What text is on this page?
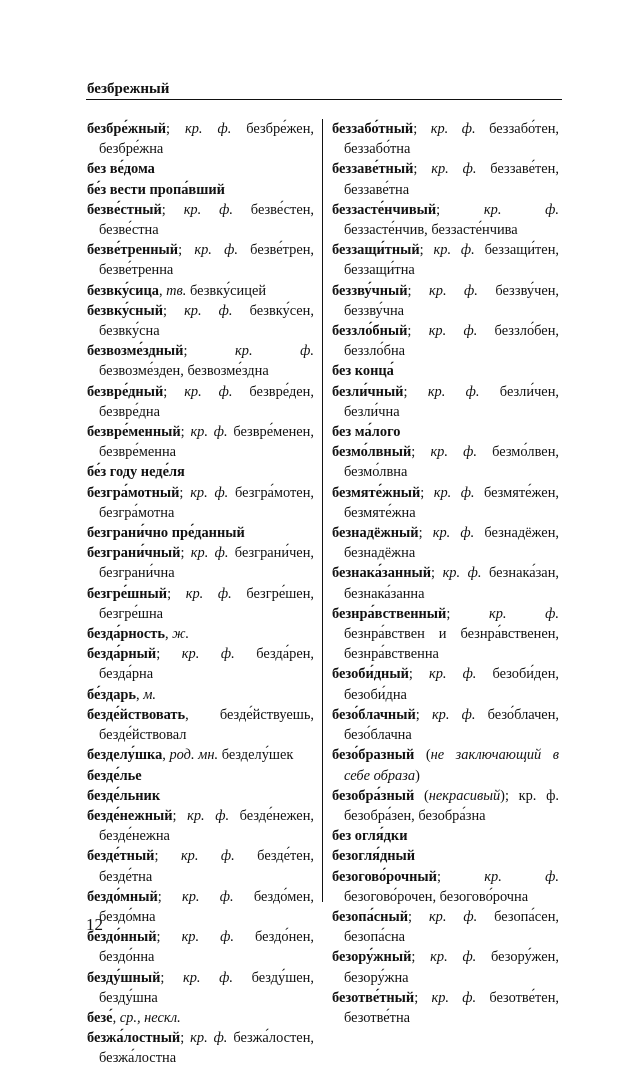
безбрежный

безбре́жный; кр. ф. безбре́жен, безбре́жна

без ве́дома

бе́з вести пропа́вший

безве́стный; кр. ф. безве́стен, безве́стна

безве́тренный; кр. ф. безве́трен, безве́тренна

безвку́сица, тв. безвку́сицей

безвку́сный; кр. ф. безвку́сен, безвку́сна

безвозме́здный; кр. ф. безвозме́зден, безвозме́здна

безвре́дный; кр. ф. безвре́ден, безвре́дна

безвре́менный; кр. ф. безвре́менен, безвре́менна

бе́з году неде́ля

безгра́мотный; кр. ф. безгра́мотен, безгра́мотна

безграни́чно пре́данный

безграни́чный; кр. ф. безграни́чен, безграни́чна

безгре́шный; кр. ф. безгре́шен, безгре́шна

безда́рность, ж.

безда́рный; кр. ф. безда́рен, безда́рна

бе́здарь, м.

безде́йствовать, безде́йствуешь, безде́йствовал

безделу́шка, род. мн. безделу́шек

безде́лье

безде́льник

безде́нежный; кр. ф. безде́нежен, безде́нежна

безде́тный; кр. ф. безде́тен, безде́тна

бездо́мный; кр. ф. бездо́мен, бездо́мна

бездо́нный; кр. ф. бездо́нен, бездо́нна

безду́шный; кр. ф. безду́шен, безду́шна

безе́, ср., нескл.

безжа́лостный; кр. ф. безжа́лостен, безжа́лостна

беззабо́тный; кр. ф. беззабо́тен, беззабо́тна

беззаве́тный; кр. ф. беззаве́тен, беззаве́тна

беззасте́нчивый; кр. ф. беззасте́нчив, беззасте́нчива

беззащи́тный; кр. ф. беззащи́тен, беззащи́тна

беззву́чный; кр. ф. беззву́чен, беззву́чна

беззло́бный; кр. ф. беззло́бен, беззло́бна

без конца́

безли́чный; кр. ф. безли́чен, безли́чна

без ма́лого

безмо́лвный; кр. ф. безмо́лвен, безмо́лвна

безмяте́жный; кр. ф. безмяте́жен, безмяте́жна

безнадёжный; кр. ф. безнадёжен, безнадёжна

безнака́занный; кр. ф. безнака́зан, безнака́занна

безнра́вственный; кр. ф. безнра́вствен и безнра́вственен, безнра́вственна

безоби́дный; кр. ф. безоби́ден, безоби́дна

безо́блачный; кр. ф. безо́блачен, безо́блачна

безо́бразный (не заключающий в себе образа)

безобра́зный (некрасивый); кр. ф. безобра́зен, безобра́зна

без огля́дки

безогля́дный

безогово́рочный; кр. ф. безогово́рочен, безогово́рочна

безопа́сный; кр. ф. безопа́сен, безопа́сна

безору́жный; кр. ф. безору́жен, безору́жна

безотве́тный; кр. ф. безотве́тен, безотве́тна

12
